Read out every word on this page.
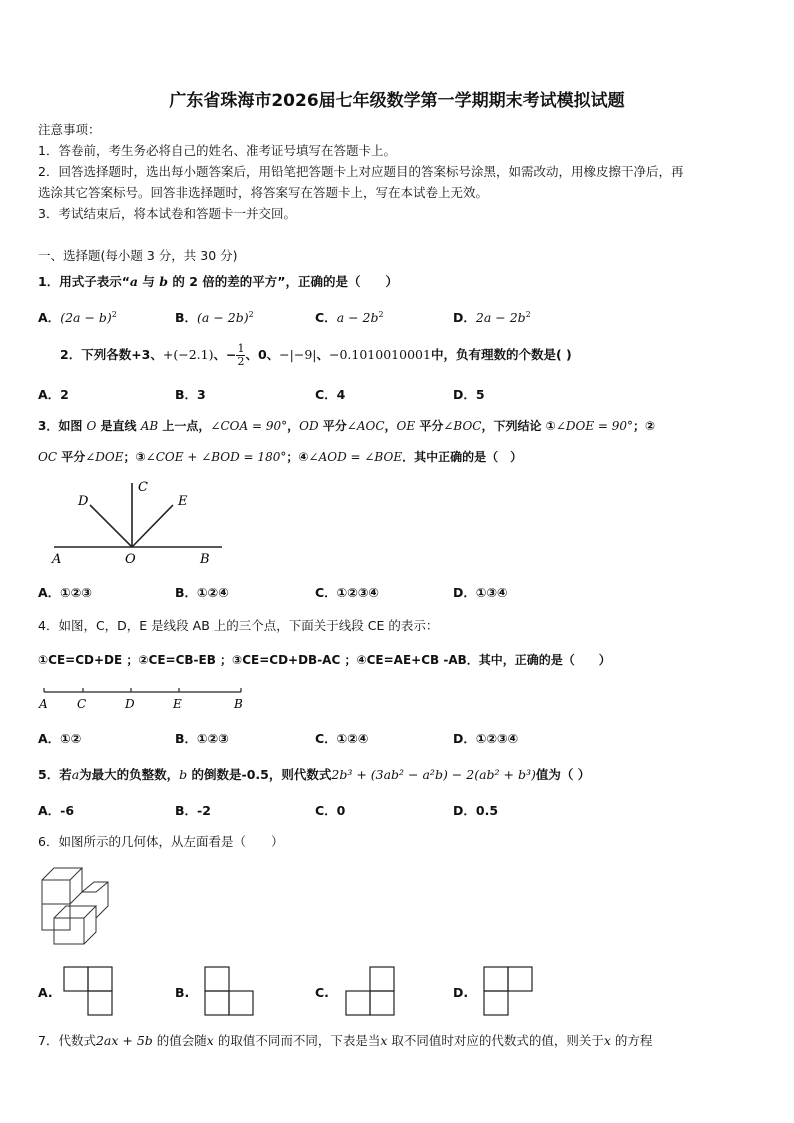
广东省珠海市2026届七年级数学第一学期期末考试模拟试题
注意事项：
1．答卷前，考生务必将自己的姓名、准考证号填写在答题卡上。
2．回答选择题时，选出每小题答案后，用铅笔把答题卡上对应题目的答案标号涂黑，如需改动，用橡皮擦干净后，再
选涂其它答案标号。回答非选择题时，将答案写在答题卡上，写在本试卷上无效。
3．考试结束后，将本试卷和答题卡一并交回。
一、选择题(每小题 3 分，共 30 分)
1．用式子表示“a 与 b 的 2 倍的差的平方”，正确的是（　　）
A．$(2a - b)^2$	B．$(a - 2b)^2$	C．$a - 2b^2$	D．$2a - 2b^2$
2．下列各数+3、+(−2.1)、− $\frac{1}{2}$ 、0、−|−9|、−0.1010010001中，负有理数的个数是( )
A．2	B．3	C．4	D．5
3．如图 O 是直线 AB 上一点，∠COA = 90°，OD 平分∠AOC，OE 平分∠BOC，下列结论 ①∠DOE = 90°；②
OC 平分∠DOE；③∠COE + ∠BOD = 180°；④∠AOD = ∠BOE．其中正确的是（　）
D
C
E
A	O	B
A．①②③	B．①②④	C．①②③④	D．①③④
4．如图，C，D，E 是线段 AB 上的三个点，下面关于线段 CE 的表示：
①CE=CD+DE ；②CE=CB-EB ；③CE=CD+DB-AC ；④CE=AE+CB -AB．其中，正确的是（　　）
A C	D	E	B
A．①②	B．①②③	C．①②④	D．①②③④
5．若a为最大的负整数，b 的倒数是-0.5，则代数式2b³ + (3ab² − a²b) − 2(ab² + b³)值为（ ）
A．-6	B．-2	C．0	D．0.5
6．如图所示的几何体，从左面看是（　　）
A.	B.	C.	D.
7．代数式2ax + 5b 的值会随x 的取值不同而不同，下表是当x 取不同值时对应的代数式的值，则关于x 的方程
